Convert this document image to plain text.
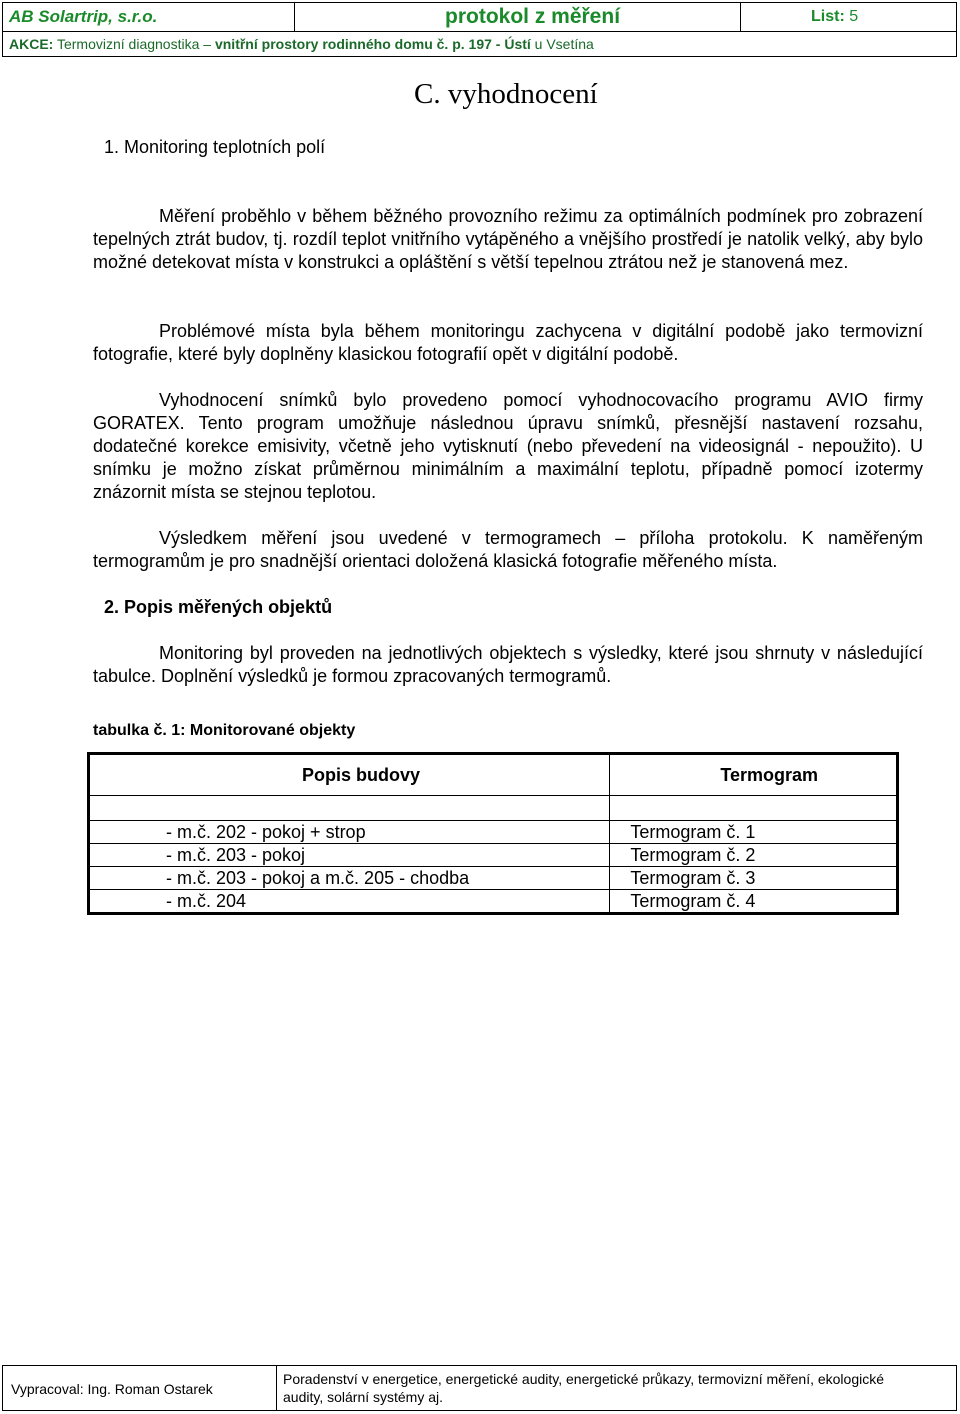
AB Solartrip, s.r.o.	protokol z měření	List: 5
AKCE: Termovizní diagnostika – vnitřní prostory rodinného domu č. p. 197 - Ústí u Vsetína
C. vyhodnocení
1. Monitoring teplotních polí
Měření proběhlo v během běžného provozního režimu za optimálních podmínek pro zobrazení tepelných ztrát budov, tj. rozdíl teplot vnitřního vytápěného a vnějšího prostředí je natolik velký, aby bylo možné detekovat místa v konstrukci a opláštění s větší tepelnou ztrátou než je stanovená mez.
Problémové místa byla během monitoringu zachycena v digitální podobě jako termovizní fotografie, které byly doplněny klasickou fotografií opět v digitální podobě.
Vyhodnocení snímků bylo provedeno pomocí vyhodnocovacího programu AVIO firmy GORATEX. Tento program umožňuje následnou úpravu snímků, přesnější nastavení rozsahu, dodatečné korekce emisivity, včetně jeho vytisknutí (nebo převedení na videosignál - nepoužito). U snímku je možno získat průměrnou minimálním a maximální teplotu, případně pomocí izotermy znázornit místa se stejnou teplotou.
Výsledkem měření jsou uvedené v termogramech – příloha protokolu. K naměřeným termogramům je pro snadnější orientaci doložená klasická fotografie měřeného místa.
2. Popis měřených objektů
Monitoring byl proveden na jednotlivých objektech s výsledky, které jsou shrnuty v následující tabulce. Doplnění výsledků je formou zpracovaných termogramů.
tabulka č. 1: Monitorované objekty
Popis budovy	Termogram

- m.č. 202 - pokoj + strop	Termogram č. 1
- m.č. 203 - pokoj	Termogram č. 2
- m.č. 203 - pokoj a m.č. 205 - chodba	Termogram č. 3
- m.č. 204	Termogram č. 4
Vypracoval: Ing. Roman Ostarek
Poradenství v energetice, energetické audity, energetické průkazy, termovizní měření, ekologické
audity, solární systémy aj.
